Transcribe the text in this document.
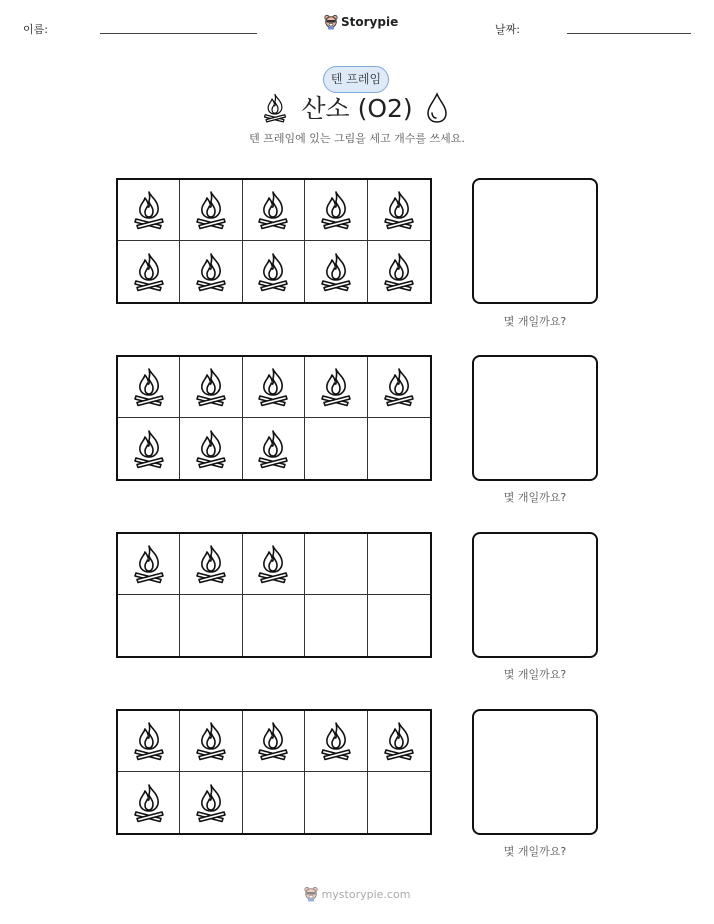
이름:
Storypie
날짜:
텐 프레임
산소 (O2)
텐 프레임에 있는 그림을 세고 개수를 쓰세요.
몇 개일까요?
몇 개일까요?
몇 개일까요?
몇 개일까요?
mystorypie.com
